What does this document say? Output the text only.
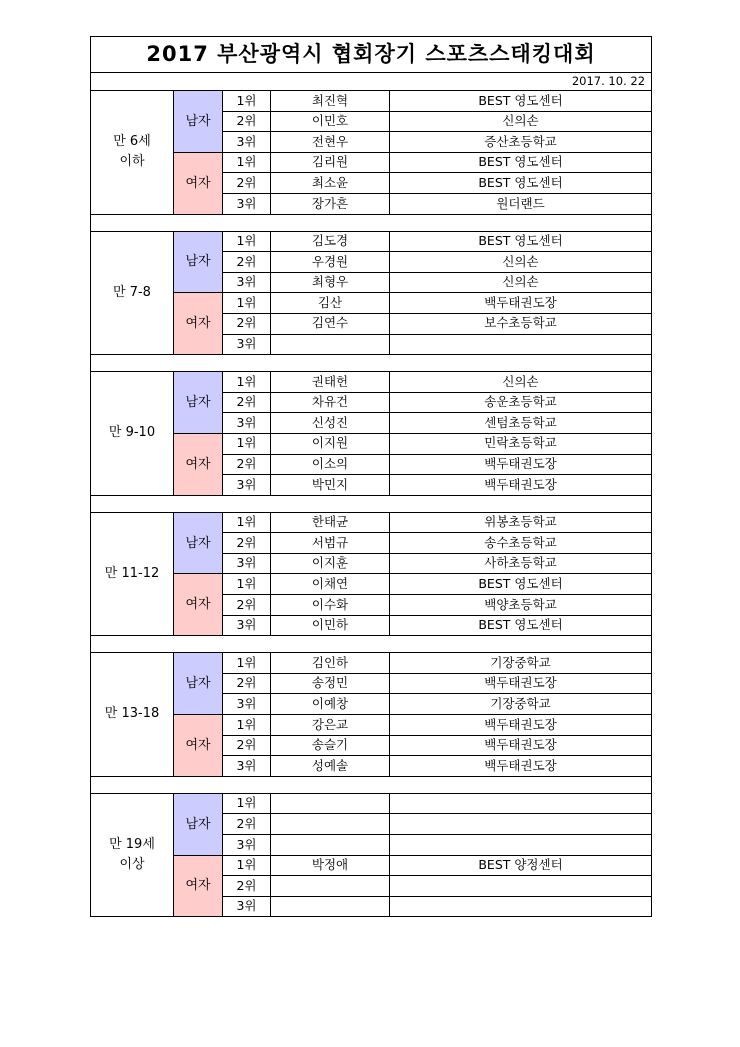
2017 부산광역시 협회장기 스포츠스태킹대회				
2017. 10. 22				
만 6세
이하	남자	1위	최진혁	BEST 영도센터
		2위	이민호	신의손
		3위	전현우	증산초등학교
	여자	1위	김리원	BEST 영도센터
		2위	최소윤	BEST 영도센터
		3위	장가흔	원더랜드

만 7-8	남자	1위	김도경	BEST 영도센터
		2위	우경원	신의손
		3위	최형우	신의손
	여자	1위	김산	백두태권도장
		2위	김연수	보수초등학교
		3위		

만 9-10	남자	1위	권태헌	신의손
		2위	차유건	송운초등학교
		3위	신성진	센텀초등학교
	여자	1위	이지원	민락초등학교
		2위	이소의	백두태권도장
		3위	박민지	백두태권도장

만 11-12	남자	1위	한태균	위봉초등학교
		2위	서범규	송수초등학교
		3위	이지훈	사하초등학교
	여자	1위	이채연	BEST 영도센터
		2위	이수화	백양초등학교
		3위	이민하	BEST 영도센터

만 13-18	남자	1위	김인하	기장중학교
		2위	송정민	백두태권도장
		3위	이예창	기장중학교
	여자	1위	강은교	백두태권도장
		2위	송슬기	백두태권도장
		3위	성예솔	백두태권도장

만 19세
이상	남자	1위		
		2위		
		3위		
	여자	1위	박정애	BEST 양정센터
		2위		
		3위		
